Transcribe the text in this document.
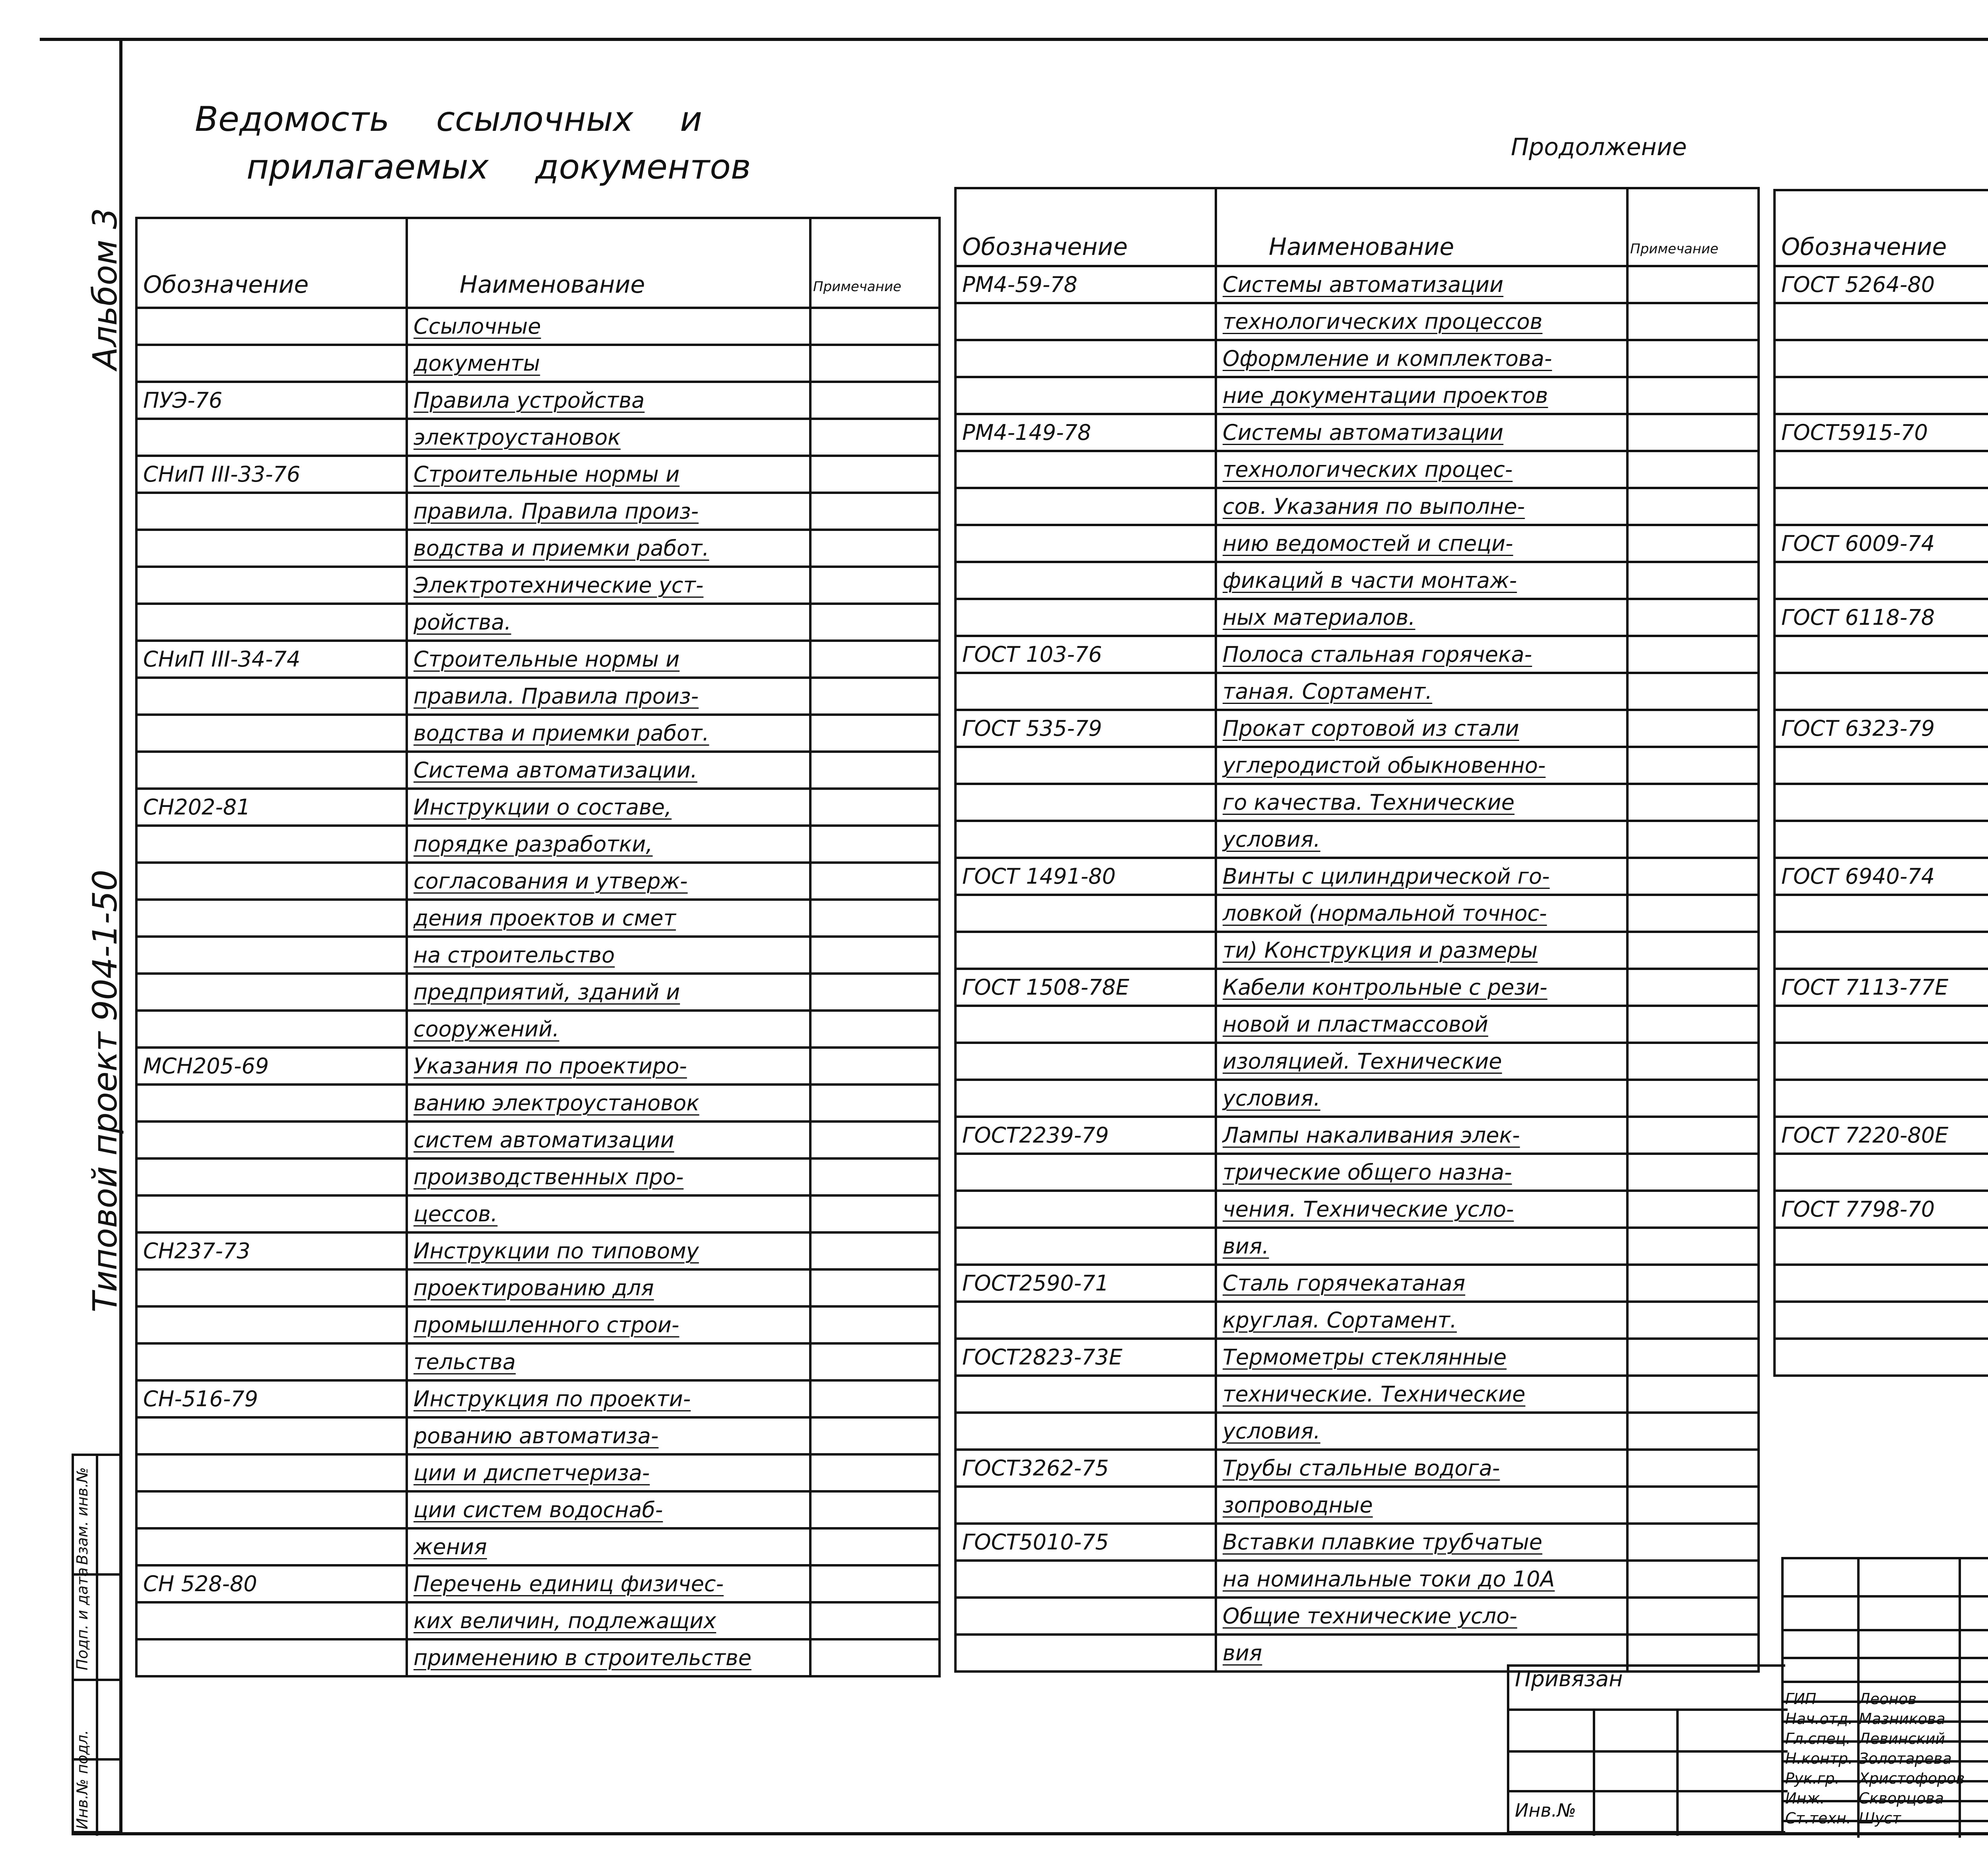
Альбом 3
Типовой проект 904-1-50
Инв.№ подл.
Подп. и дата
Взам. инв.№
Ведомость ссылочных и
прилагаемых документов	Продолжение
Обозначение	Наименование	Примечание
	Ссылочные	
	документы	
ПУЭ-76	Правила устройства	
	электроустановок	
СНиП III-33-76	Строительные нормы и	
	правила. Правила произ-	
	водства и приемки работ.	
	Электротехнические уст-	
	ройства.	
СНиП III-34-74	Строительные нормы и	
	правила. Правила произ-	
	водства и приемки работ.	
	Система автоматизации.	
СН202-81	Инструкции о составе,	
	порядке разработки,	
	согласования и утверж-	
	дения проектов и смет	
	на строительство	
	предприятий, зданий и	
	сооружений.	
МСН205-69	Указания по проектиро-	
	ванию электроустановок	
	систем автоматизации	
	производственных про-	
	цессов.	
СН237-73	Инструкции по типовому	
	проектированию для	
	промышленного строи-	
	тельства	
СН-516-79	Инструкция по проекти-	
	рованию автоматиза-	
	ции и диспетчериза-	
	ции систем водоснаб-	
	жения	
СН 528-80	Перечень единиц физичес-	
	ких величин, подлежащих	
	применению в строительстве	
Обозначение	Наименование	Примечание
РМ4-59-78	Системы автоматизации	
	технологических процессов	
	Оформление и комплектова-	
	ние документации проектов	
РМ4-149-78	Системы автоматизации	
	технологических процес-	
	сов. Указания по выполне-	
	нию ведомостей и специ-	
	фикаций в части монтаж-	
	ных материалов.	
ГОСТ 103-76	Полоса стальная горячека-	
	таная. Сортамент.	
ГОСТ 535-79	Прокат сортовой из стали	
	углеродистой обыкновенно-	
	го качества. Технические	
	условия.	
ГОСТ 1491-80	Винты с цилиндрической го-	
	ловкой (нормальной точнос-	
	ти) Конструкция и размеры	
ГОСТ 1508-78Е	Кабели контрольные с рези-	
	новой и пластмассовой	
	изоляцией. Технические	
	условия.	
ГОСТ2239-79	Лампы накаливания элек-	
	трические общего назна-	
	чения. Технические усло-	
	вия.	
ГОСТ2590-71	Сталь горячекатаная	
	круглая. Сортамент.	
ГОСТ2823-73Е	Термометры стеклянные	
	технические. Технические	
	условия.	
ГОСТ3262-75	Трубы стальные водога-	
	зопроводные	
ГОСТ5010-75	Вставки плавкие трубчатые	
	на номинальные токи до 10А	
	Общие технические усло-	
	вия	
Обозначение		
ГОСТ 5264-80		

ГОСТ5915-70		

ГОСТ 6009-74		

ГОСТ 6118-78		

ГОСТ 6323-79		

ГОСТ 6940-74		

ГОСТ 7113-77Е		

ГОСТ 7220-80Е		

ГОСТ 7798-70		

Привязан
Инв.№
ГИП	Леонов
Нач.отд. Мазникова
Гл.спец. Левинский
Н.контр. Золотарева
Рук.гр. Христофоров
Инж. Скворцова
Ст.техн. Шуст
